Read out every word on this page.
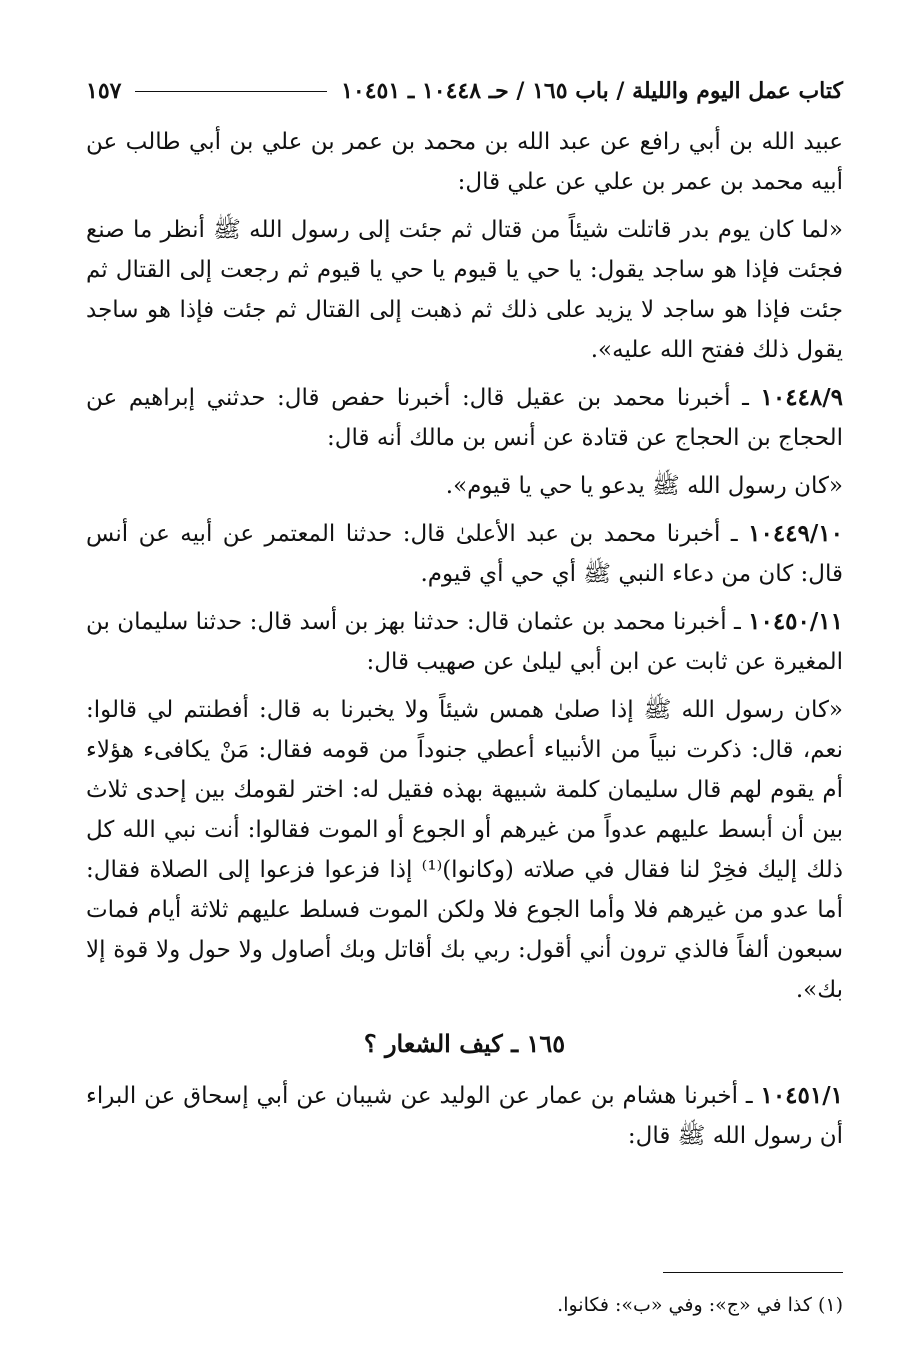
كتاب عمل اليوم والليلة / باب ١٦٥ / حـ ١٠٤٤٨ ـ ١٠٤٥١
١٥٧

عبيد الله بن أبي رافع عن عبد الله بن محمد بن عمر بن علي بن أبي طالب عن أبيه محمد بن عمر بن علي عن علي قال:

«لما كان يوم بدر قاتلت شيئاً من قتال ثم جئت إلى رسول الله ﷺ أنظر ما صنع فجئت فإذا هو ساجد يقول: يا حي يا قيوم يا حي يا قيوم ثم رجعت إلى القتال ثم جئت فإذا هو ساجد لا يزيد على ذلك ثم ذهبت إلى القتال ثم جئت فإذا هو ساجد يقول ذلك ففتح الله عليه».

١٠٤٤٨/٩ ـ أخبرنا محمد بن عقيل قال: أخبرنا حفص قال: حدثني إبراهيم عن الحجاج بن الحجاج عن قتادة عن أنس بن مالك أنه قال:

«كان رسول الله ﷺ يدعو يا حي يا قيوم».

١٠٤٤٩/١٠ ـ أخبرنا محمد بن عبد الأعلىٰ قال: حدثنا المعتمر عن أبيه عن أنس قال: كان من دعاء النبي ﷺ أي حي أي قيوم.

١٠٤٥٠/١١ ـ أخبرنا محمد بن عثمان قال: حدثنا بهز بن أسد قال: حدثنا سليمان بن المغيرة عن ثابت عن ابن أبي ليلىٰ عن صهيب قال:

«كان رسول الله ﷺ إذا صلىٰ همس شيئاً ولا يخبرنا به قال: أفطنتم لي قالوا: نعم، قال: ذكرت نبياً من الأنبياء أعطي جنوداً من قومه فقال: مَنْ يكافىء هؤلاء أم يقوم لهم قال سليمان كلمة شبيهة بهذه فقيل له: اختر لقومك بين إحدى ثلاث بين أن أبسط عليهم عدواً من غيرهم أو الجوع أو الموت فقالوا: أنت نبي الله كل ذلك إليك فخِرْ لنا فقال في صلاته (وكانوا)⁽¹⁾ إذا فزعوا فزعوا إلى الصلاة فقال: أما عدو من غيرهم فلا وأما الجوع فلا ولكن الموت فسلط عليهم ثلاثة أيام فمات سبعون ألفاً فالذي ترون أني أقول: ربي بك أقاتل وبك أصاول ولا حول ولا قوة إلا بك».

١٦٥ ـ كيف الشعار ؟

١٠٤٥١/١ ـ أخبرنا هشام بن عمار عن الوليد عن شيبان عن أبي إسحاق عن البراء أن رسول الله ﷺ قال:

(١) كذا في «ج»: وفي «ب»: فكانوا.
